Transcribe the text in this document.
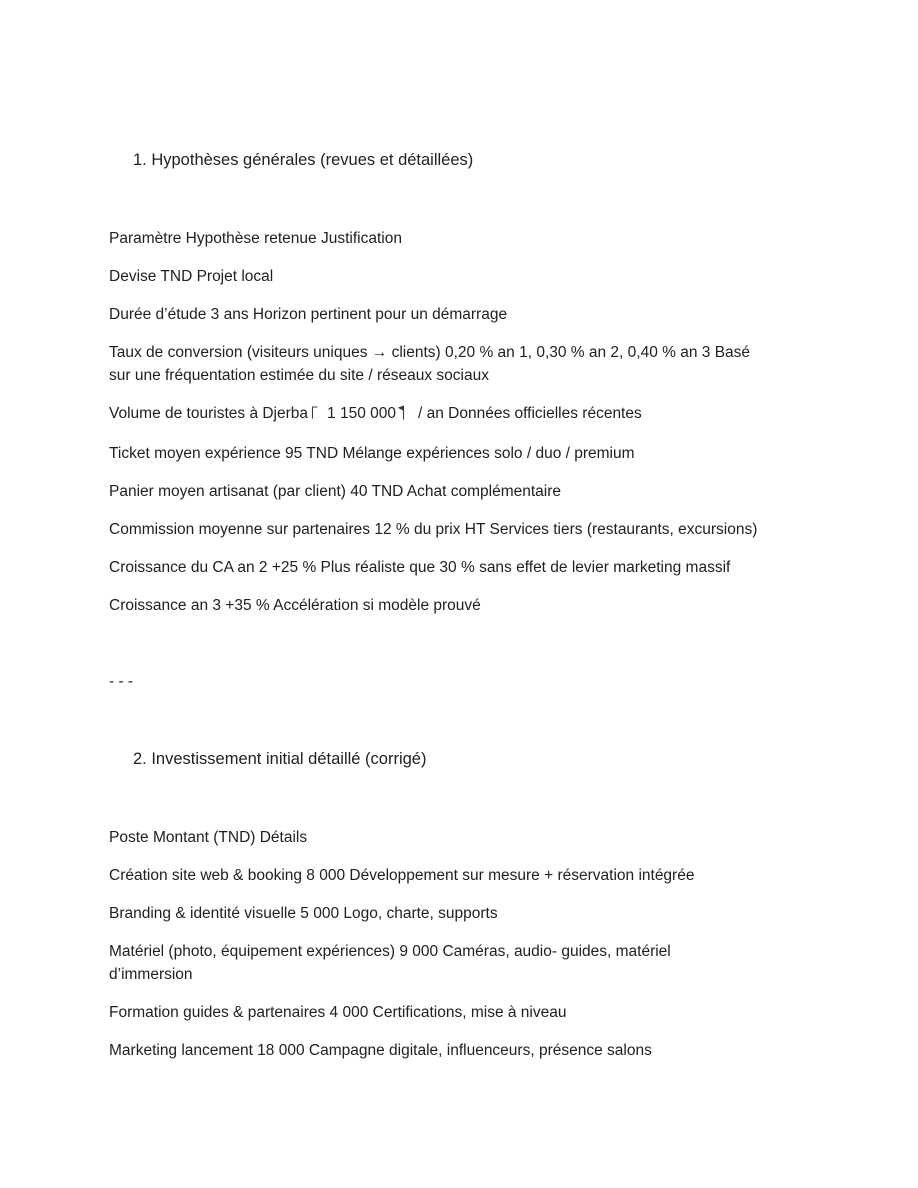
1. Hypothèses générales (revues et détaillées)
Paramètre Hypothèse retenue Justification
Devise TND Projet local
Durée d’étude 3 ans Horizon pertinent pour un démarrage
Taux de conversion (visiteurs uniques → clients) 0,20 % an 1, 0,30 % an 2, 0,40 % an 3 Basé
sur une fréquentation estimée du site / réseaux sociaux
Volume de touristes à Djerba 1 150 000 / an Données officielles récentes
Ticket moyen expérience 95 TND Mélange expériences solo / duo / premium
Panier moyen artisanat (par client) 40 TND Achat complémentaire
Commission moyenne sur partenaires 12 % du prix HT Services tiers (restaurants, excursions)
Croissance du CA an 2 +25 % Plus réaliste que 30 % sans effet de levier marketing massif
Croissance an 3 +35 % Accélération si modèle prouvé
- - -
2. Investissement initial détaillé (corrigé)
Poste Montant (TND) Détails
Création site web & booking 8 000 Développement sur mesure + réservation intégrée
Branding & identité visuelle 5 000 Logo, charte, supports
Matériel (photo, équipement expériences) 9 000 Caméras, audio- guides, matériel
d’immersion
Formation guides & partenaires 4 000 Certifications, mise à niveau
Marketing lancement 18 000 Campagne digitale, influenceurs, présence salons
